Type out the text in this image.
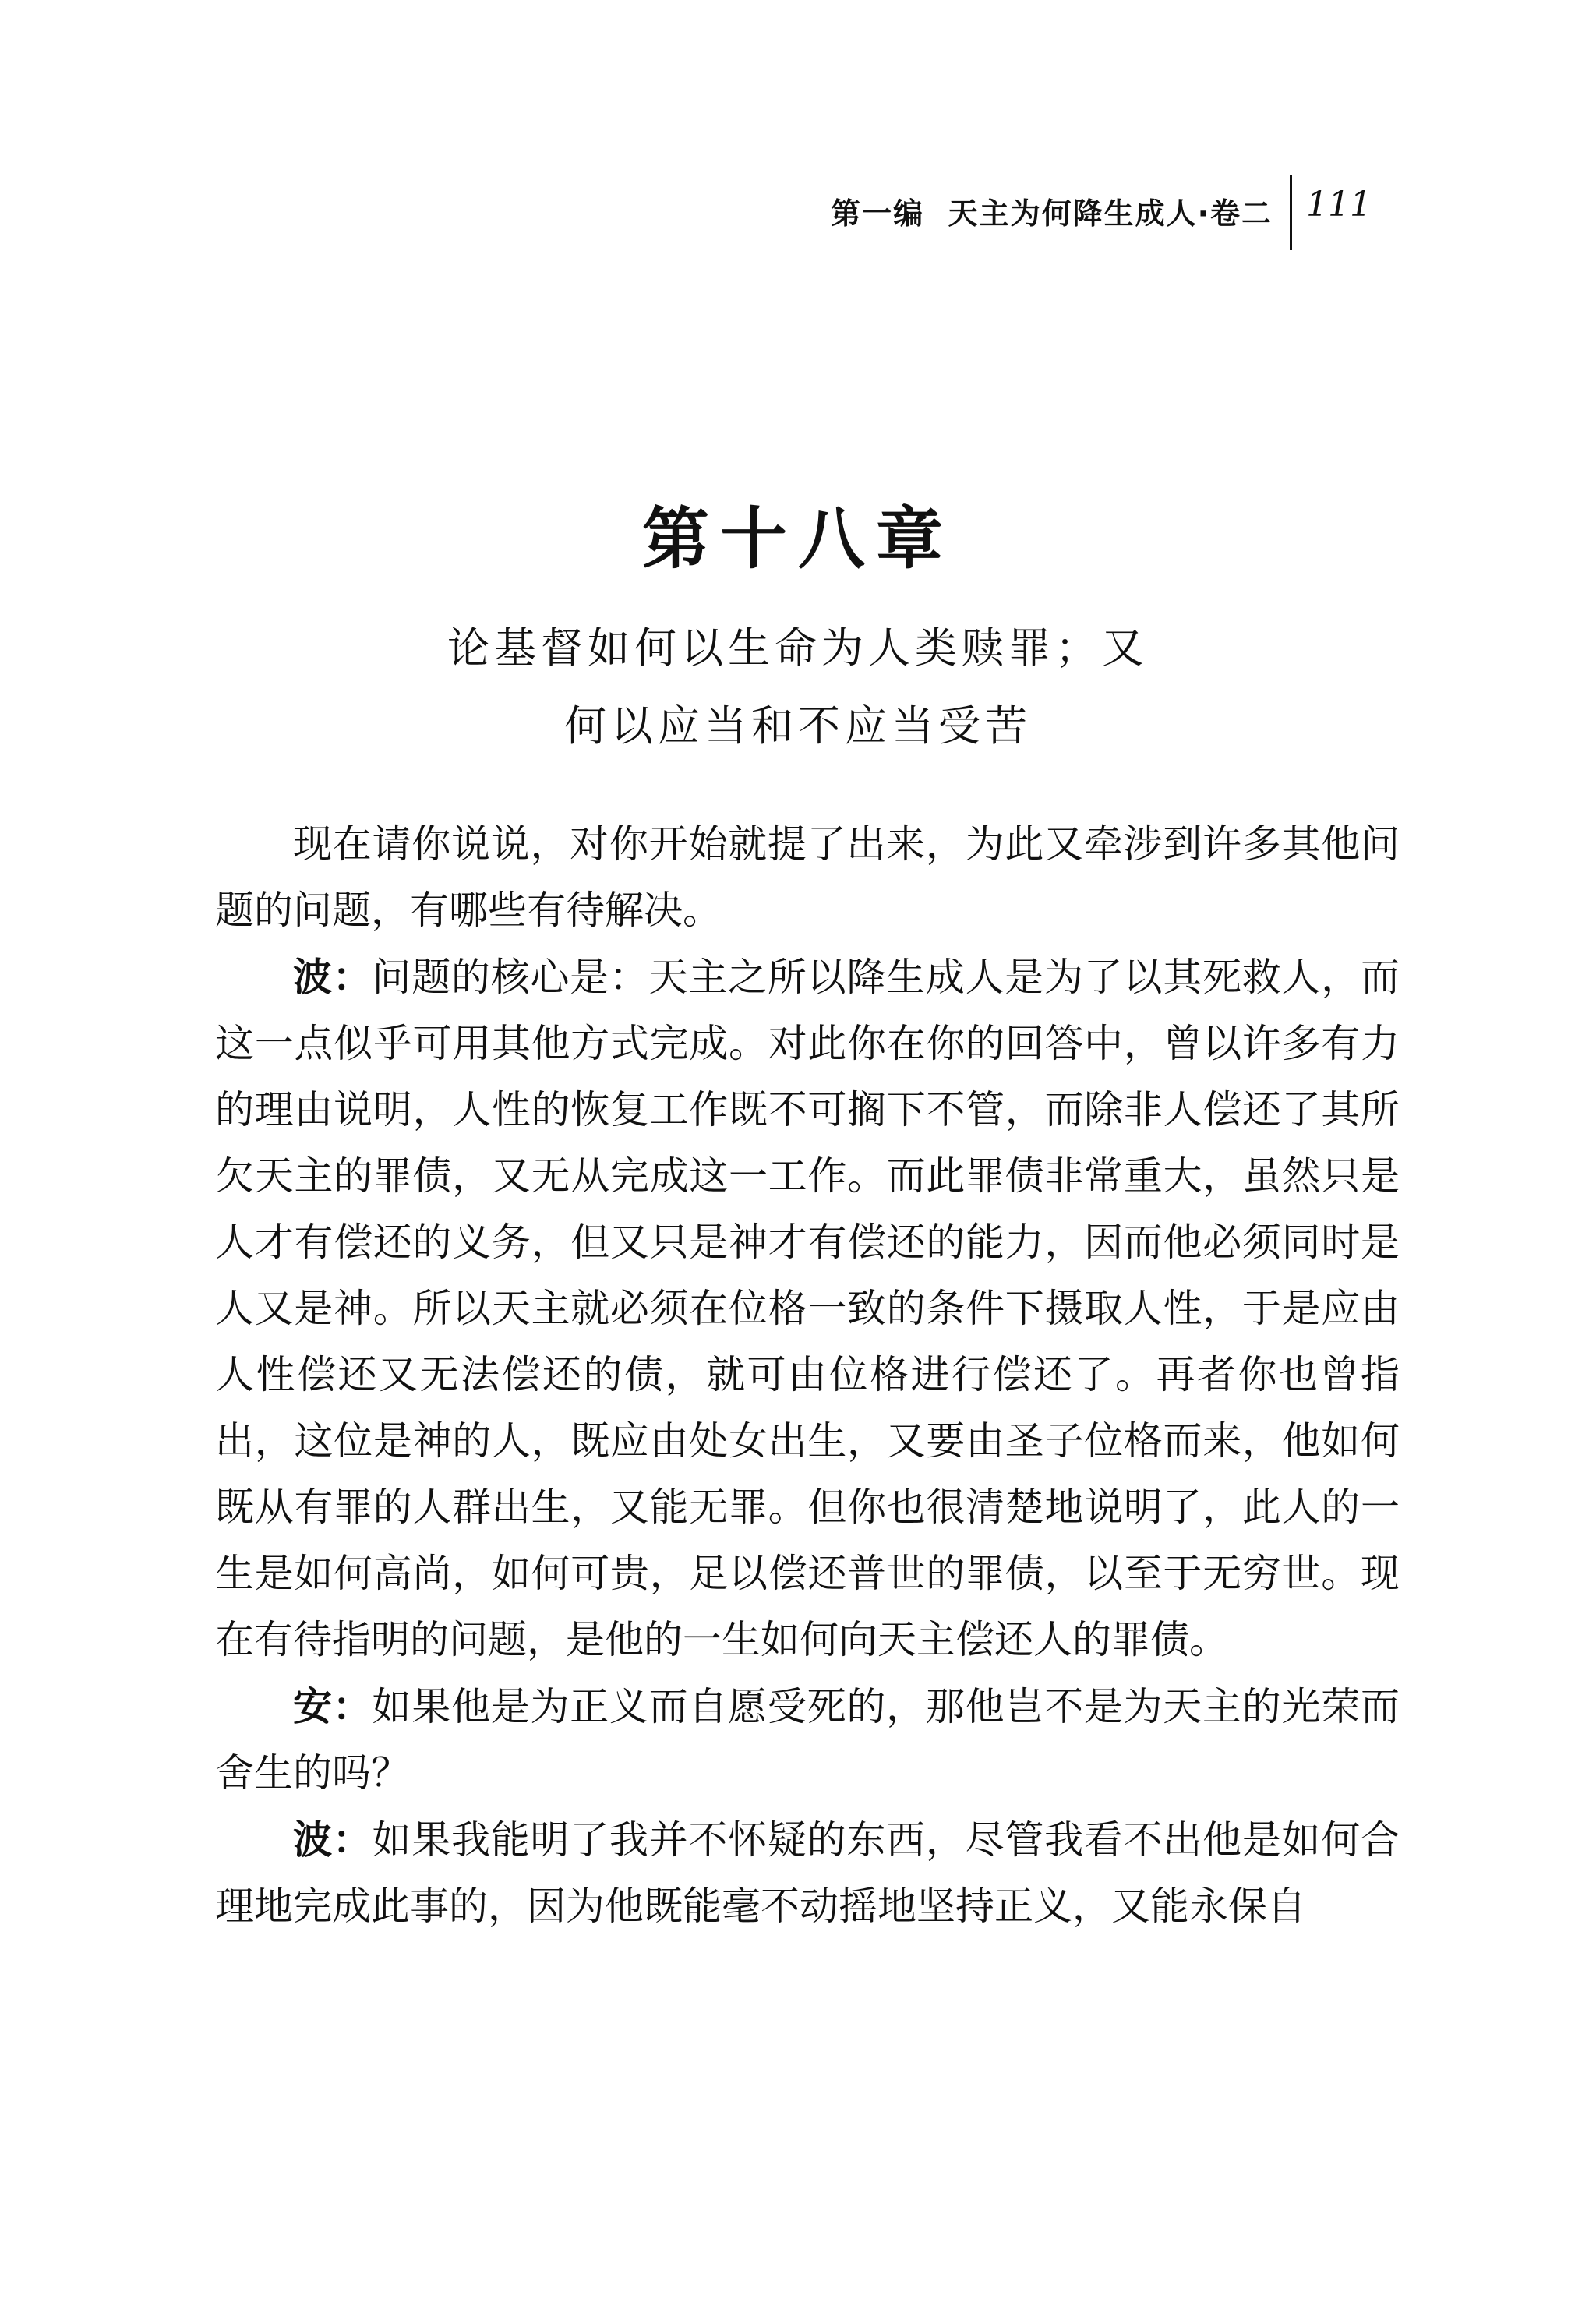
第一编  天主为何降生成人·卷二 111
第十八章
论基督如何以生命为人类赎罪；又
何以应当和不应当受苦

现在请你说说，对你开始就提了出来，为此又牵涉到许多其他问题的问题，有哪些有待解决。

波：问题的核心是：天主之所以降生成人是为了以其死救人，而这一点似乎可用其他方式完成。对此你在你的回答中，曾以许多有力的理由说明，人性的恢复工作既不可搁下不管，而除非人偿还了其所欠天主的罪债，又无从完成这一工作。而此罪债非常重大，虽然只是人才有偿还的义务，但又只是神才有偿还的能力，因而他必须同时是人又是神。所以天主就必须在位格一致的条件下摄取人性，于是应由人性偿还又无法偿还的债，就可由位格进行偿还了。再者你也曾指出，这位是神的人，既应由处女出生，又要由圣子位格而来，他如何既从有罪的人群出生，又能无罪。但你也很清楚地说明了，此人的一生是如何高尚，如何可贵，足以偿还普世的罪债，以至于无穷世。现在有待指明的问题，是他的一生如何向天主偿还人的罪债。

安：如果他是为正义而自愿受死的，那他岂不是为天主的光荣而舍生的吗？

波：如果我能明了我并不怀疑的东西，尽管我看不出他是如何合理地完成此事的，因为他既能毫不动摇地坚持正义，又能永保自
